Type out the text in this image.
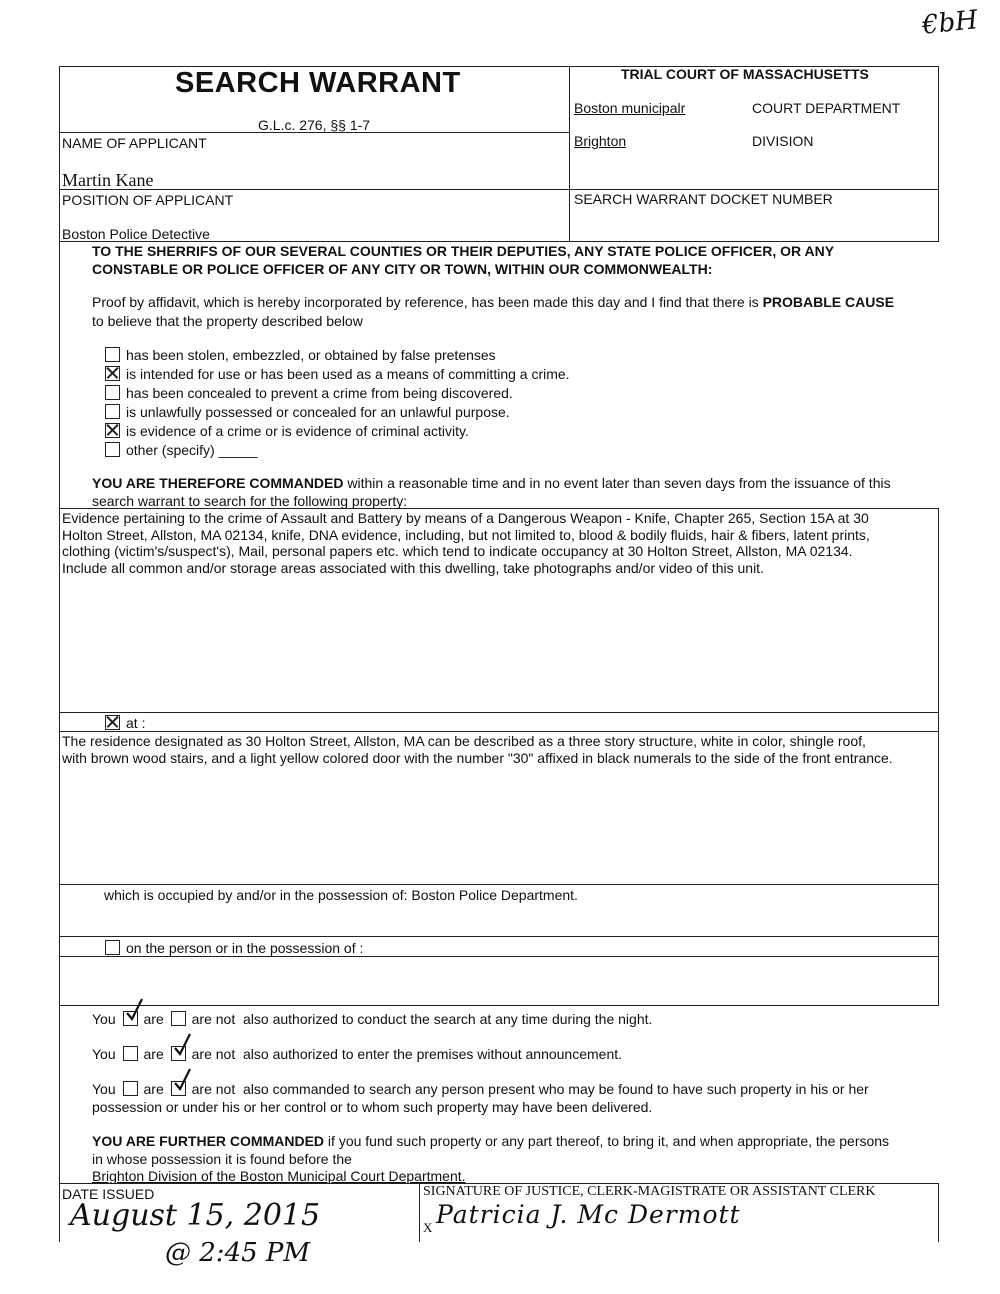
€bH
SEARCH WARRANT
G.L.c. 276, §§ 1-7
TRIAL COURT OF MASSACHUSETTS
Boston municipalr	COURT DEPARTMENT
Brighton	DIVISION
NAME OF APPLICANT
Martin Kane
POSITION OF APPLICANT
Boston Police Detective
SEARCH WARRANT DOCKET NUMBER
TO THE SHERRIFS OF OUR SEVERAL COUNTIES OR THEIR DEPUTIES, ANY STATE POLICE OFFICER, OR ANY
CONSTABLE OR POLICE OFFICER OF ANY CITY OR TOWN, WITHIN OUR COMMONWEALTH:
Proof by affidavit, which is hereby incorporated by reference, has been made this day and I find that there is PROBABLE CAUSE
to believe that the property described below
has been stolen, embezzled, or obtained by false pretenses
is intended for use or has been used as a means of committing a crime.
has been concealed to prevent a crime from being discovered.
is unlawfully possessed or concealed for an unlawful purpose.
is evidence of a crime or is evidence of criminal activity.
other (specify) _____
YOU ARE THEREFORE COMMANDED within a reasonable time and in no event later than seven days from the issuance of this
search warrant to search for the following property:
Evidence pertaining to the crime of Assault and Battery by means of a Dangerous Weapon - Knife, Chapter 265, Section 15A at 30
Holton Street, Allston, MA 02134, knife, DNA evidence, including, but not limited to, blood & bodily fluids, hair & fibers, latent prints,
clothing (victim's/suspect's), Mail, personal papers etc. which tend to indicate occupancy at 30 Holton Street, Allston, MA 02134.
Include all common and/or storage areas associated with this dwelling, take photographs and/or video of this unit.
at :
The residence designated as 30 Holton Street, Allston, MA can be described as a three story structure, white in color, shingle roof,
with brown wood stairs, and a light yellow colored door with the number "30" affixed in black numerals to the side of the front entrance.
which is occupied by and/or in the possession of: Boston Police Department.
on the person or in the possession of :
You are are not also authorized to conduct the search at any time during the night.
You are are not also authorized to enter the premises without announcement.
You are are not also commanded to search any person present who may be found to have such property in his or her
possession or under his or her control or to whom such property may have been delivered.
YOU ARE FURTHER COMMANDED if you fund such property or any part thereof, to bring it, and when appropriate, the persons
in whose possession it is found before the
Brighton Division of the Boston Municipal Court Department.
DATE ISSUED
August 15, 2015
@ 2:45 PM
SIGNATURE OF JUSTICE, CLERK-MAGISTRATE OR ASSISTANT CLERK
X Patricia J. Mc Dermott
